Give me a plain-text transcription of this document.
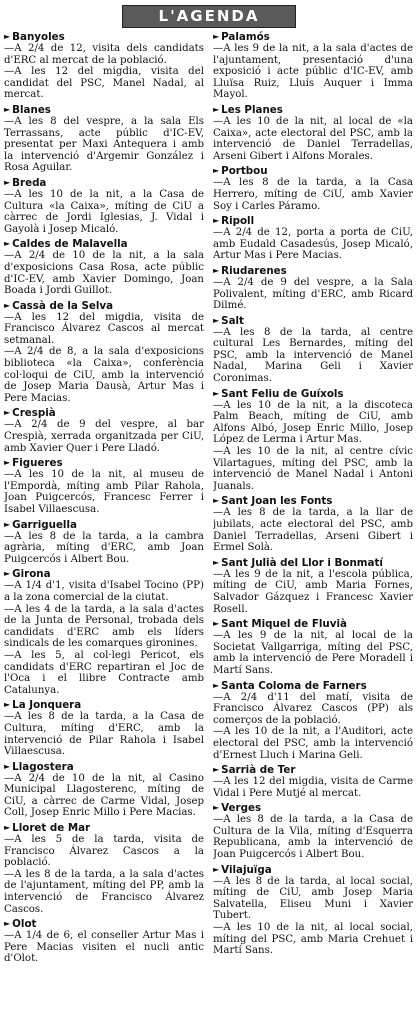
L'AGENDA
► Banyoles
—A 2/4 de 12, visita dels candidats d'ERC al mercat de la població.
—A les 12 del migdia, visita del candidat del PSC, Manel Nadal, al mercat.
► Blanes
—A les 8 del vespre, a la sala Els Terrassans, acte públic d'IC-EV, presentat per Maxi Antequera i amb la intervenció d'Argemir González i Rosa Aguilar.
► Breda
—A les 10 de la nit, a la Casa de Cultura «la Caixa», míting de CiU a càrrec de Jordi Iglesias, J. Vidal i Gayolà i Josep Micaló.
► Caldes de Malavella
—A 2/4 de 10 de la nit, a la sala d'exposicions Casa Rosa, acte públic d'IC-EV, amb Xavier Domingo, Joan Boada i Jordi Guillot.
► Cassà de la Selva
—A les 12 del migdia, visita de Francisco Álvarez Cascos al mercat setmanal.
—A 2/4 de 8, a la sala d'exposicions biblioteca «la Caixa», conferència col·loqui de CiU, amb la intervenció de Josep Maria Dausà, Artur Mas i Pere Macias.
► Crespià
—A 2/4 de 9 del vespre, al bar Crespià, xerrada organitzada per CiU, amb Xavier Quer i Pere Lladó.
► Figueres
—A les 10 de la nit, al museu de l'Empordà, míting amb Pilar Rahola, Joan Puigcercós, Francesc Ferrer i Isabel Villaescusa.
► Garriguella
—A les 8 de la tarda, a la cambra agrària, míting d'ERC, amb Joan Puigcercós i Albert Bou.
► Girona
—A 1/4 d'1, visita d'Isabel Tocino (PP) a la zona comercial de la ciutat.
—A les 4 de la tarda, a la sala d'actes de la Junta de Personal, trobada dels candidats d'ERC amb els líders sindicals de les comarques gironines.
—A les 5, al col·legi Pericot, els candidats d'ERC repartiran el Joc de l'Oca i el llibre Contracte amb Catalunya.
► La Jonquera
—A les 8 de la tarda, a la Casa de Cultura, míting d'ERC, amb la intervenció de Pilar Rahola i Isabel Villaescusa.
► Llagostera
—A 2/4 de 10 de la nit, al Casino Municipal Llagosterenc, míting de CiU, a càrrec de Carme Vidal, Josep Coll, Josep Enric Millo i Pere Macias.
► Lloret de Mar
—A les 5 de la tarda, visita de Francisco Álvarez Cascos a la població.
—A les 8 de la tarda, a la sala d'actes de l'ajuntament, míting del PP, amb la intervenció de Francisco Álvarez Cascos.
► Olot
—A 1/4 de 6, el conseller Artur Mas i Pere Macias visiten el nucli antic d'Olot.
► Palamós
—A les 9 de la nit, a la sala d'actes de l'ajuntament, presentació d'una exposició i acte públic d'IC-EV, amb Lluïsa Ruiz, Lluís Auquer i Imma Mayol.
► Les Planes
—A les 10 de la nit, al local de «la Caixa», acte electoral del PSC, amb la intervenció de Daniel Terradellas, Arseni Gibert i Alfons Morales.
► Portbou
—A les 8 de la tarda, a la Casa Herrero, míting de CiU, amb Xavier Soy i Carles Páramo.
► Ripoll
—A 2/4 de 12, porta a porta de CiU, amb Eudald Casadesús, Josep Micaló, Artur Mas i Pere Macias.
► Riudarenes
—A 2/4 de 9 del vespre, a la Sala Polivalent, míting d'ERC, amb Ricard Dilmé.
► Salt
—A les 8 de la tarda, al centre cultural Les Bernardes, míting del PSC, amb la intervenció de Manel Nadal, Marina Geli i Xavier Coronimas.
► Sant Feliu de Guíxols
—A les 10 de la nit, a la discoteca Palm Beach, míting de CiU, amb Alfons Albó, Josep Enric Millo, Josep López de Lerma i Artur Mas.
—A les 10 de la nit, al centre cívic Vilartagues, míting del PSC, amb la intervenció de Manel Nadal i Antoni Juanals.
► Sant Joan les Fonts
—A les 8 de la tarda, a la llar de jubilats, acte electoral del PSC, amb Daniel Terradellas, Arseni Gibert i Ermel Solà.
► Sant Julià del Llor i Bonmatí
—A les 9 de la nit, a l'escola pública, míting de CiU, amb Maria Fornes, Salvador Gázquez i Francesc Xavier Rosell.
► Sant Miquel de Fluvià
—A les 9 de la nit, al local de la Societat Vallgarriga, míting del PSC, amb la intervenció de Pere Moradell i Martí Sans.
► Santa Coloma de Farners
—A 2/4 d'11 del matí, visita de Francisco Álvarez Cascos (PP) als comerços de la població.
—A les 10 de la nit, a l'Auditori, acte electoral del PSC, amb la intervenció d'Ernest Lluch i Marina Geli.
► Sarrià de Ter
—A les 12 del migdia, visita de Carme Vidal i Pere Mutjé al mercat.
► Verges
—A les 8 de la tarda, a la Casa de Cultura de la Vila, míting d'Esquerra Republicana, amb la intervenció de Joan Puigcercós i Albert Bou.
► Vilajuïga
—A les 8 de la tarda, al local social, míting de CiU, amb Josep Maria Salvatella, Eliseu Muni i Xavier Tubert.
—A les 10 de la nit, al local social, míting del PSC, amb Maria Crehuet i Martí Sans.
